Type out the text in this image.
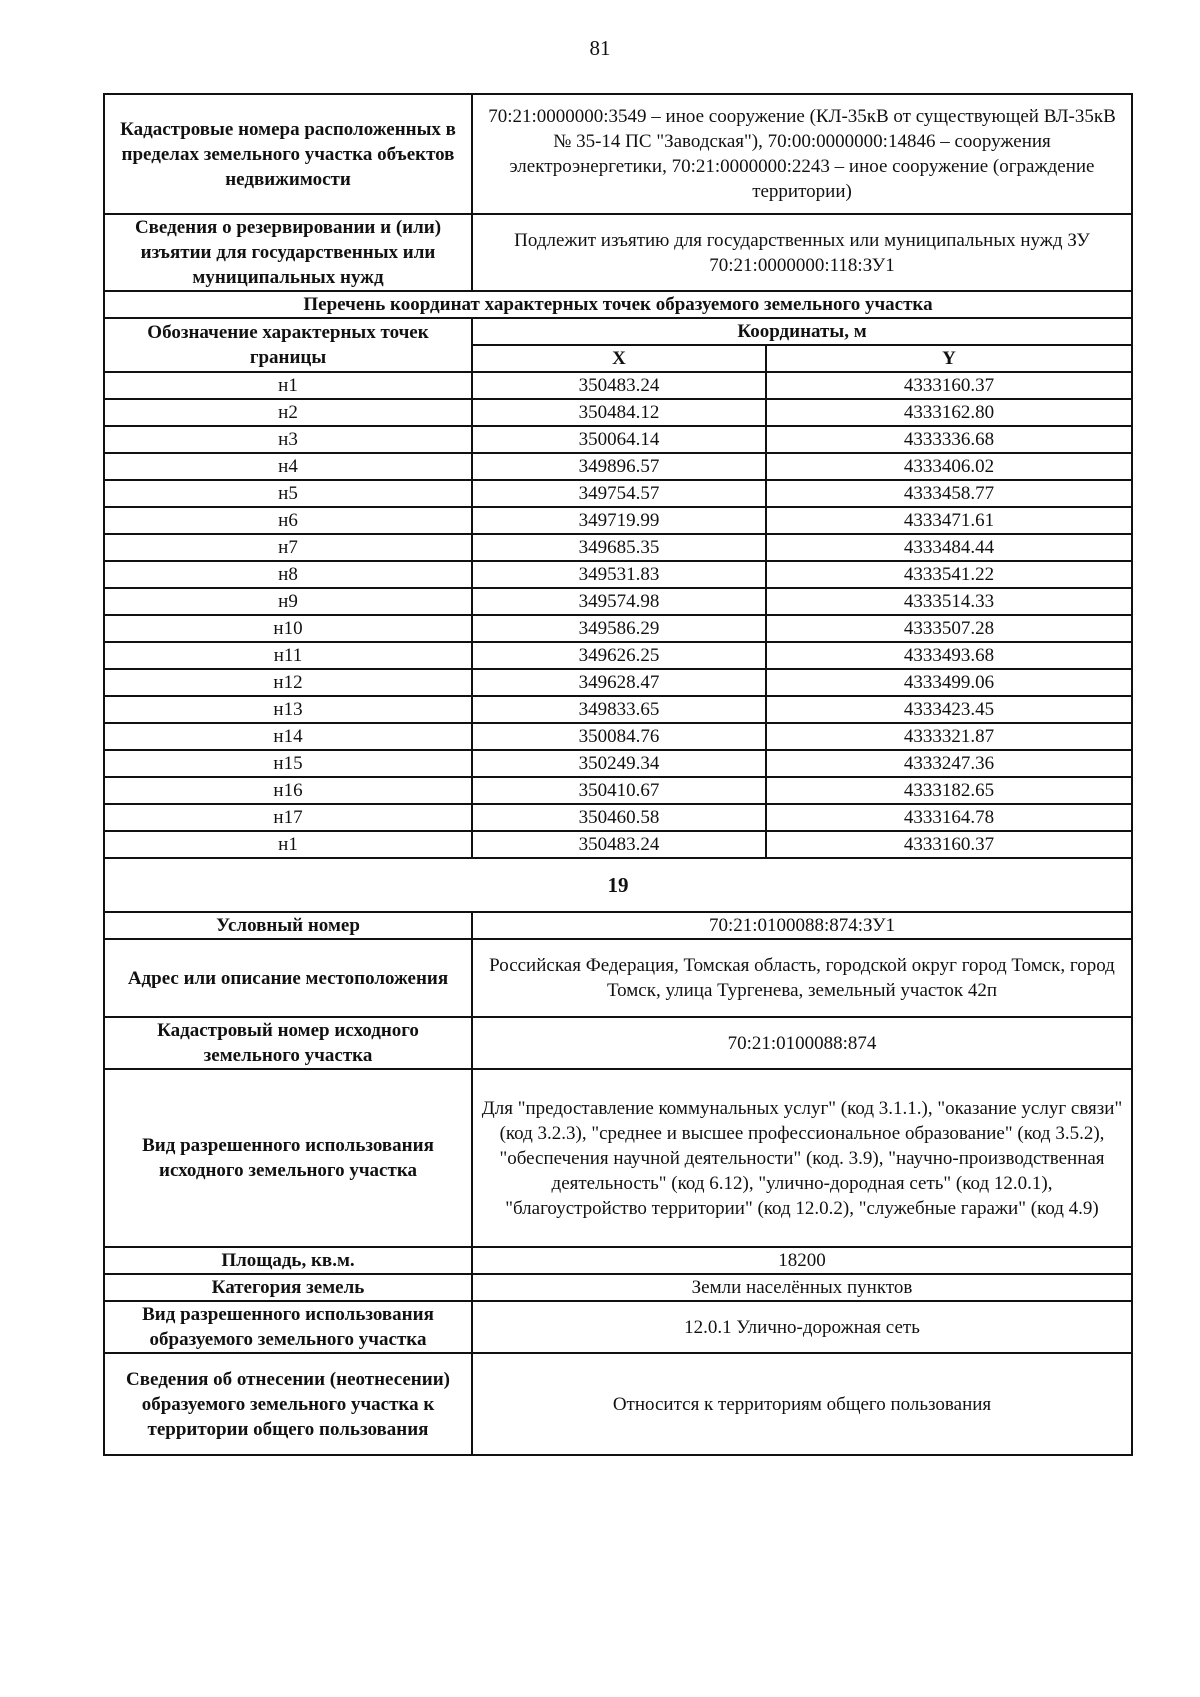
81
Кадастровые номера расположенных в пределах земельного участка объектов недвижимости	70:21:0000000:3549 – иное сооружение (КЛ-35кВ от существующей ВЛ-35кВ № 35-14 ПС "Заводская"), 70:00:0000000:14846 – сооружения электроэнергетики, 70:21:0000000:2243 – иное сооружение (ограждение территории)	
Сведения о резервировании и (или) изъятии для государственных или муниципальных нужд	Подлежит изъятию для государственных или муниципальных нужд ЗУ 70:21:0000000:118:ЗУ1	
Перечень координат характерных точек образуемого земельного участка		
Обозначение характерных точек границы	Координаты, м	
	X	Y
н1	350483.24	4333160.37
н2	350484.12	4333162.80
н3	350064.14	4333336.68
н4	349896.57	4333406.02
н5	349754.57	4333458.77
н6	349719.99	4333471.61
н7	349685.35	4333484.44
н8	349531.83	4333541.22
н9	349574.98	4333514.33
н10	349586.29	4333507.28
н11	349626.25	4333493.68
н12	349628.47	4333499.06
н13	349833.65	4333423.45
н14	350084.76	4333321.87
н15	350249.34	4333247.36
н16	350410.67	4333182.65
н17	350460.58	4333164.78
н1	350483.24	4333160.37
19		
Условный номер	70:21:0100088:874:ЗУ1	
Адрес или описание местоположения	Российская Федерация, Томская область, городской округ город Томск, город Томск, улица Тургенева, земельный участок 42п	
Кадастровый номер исходного земельного участка	70:21:0100088:874	
Вид разрешенного использования исходного земельного участка	Для "предоставление коммунальных услуг" (код 3.1.1.), "оказание услуг связи" (код 3.2.3), "среднее и высшее профессиональное образование" (код 3.5.2), "обеспечения научной деятельности" (код. 3.9), "научно-производственная деятельность" (код 6.12), "улично-дородная сеть" (код 12.0.1), "благоустройство территории" (код 12.0.2), "служебные гаражи" (код 4.9)	
Площадь, кв.м.	18200	
Категория земель	Земли населённых пунктов	
Вид разрешенного использования образуемого земельного участка	12.0.1 Улично-дорожная сеть	
Сведения об отнесении (неотнесении) образуемого земельного участка к территории общего пользования	Относится к территориям общего пользования	
